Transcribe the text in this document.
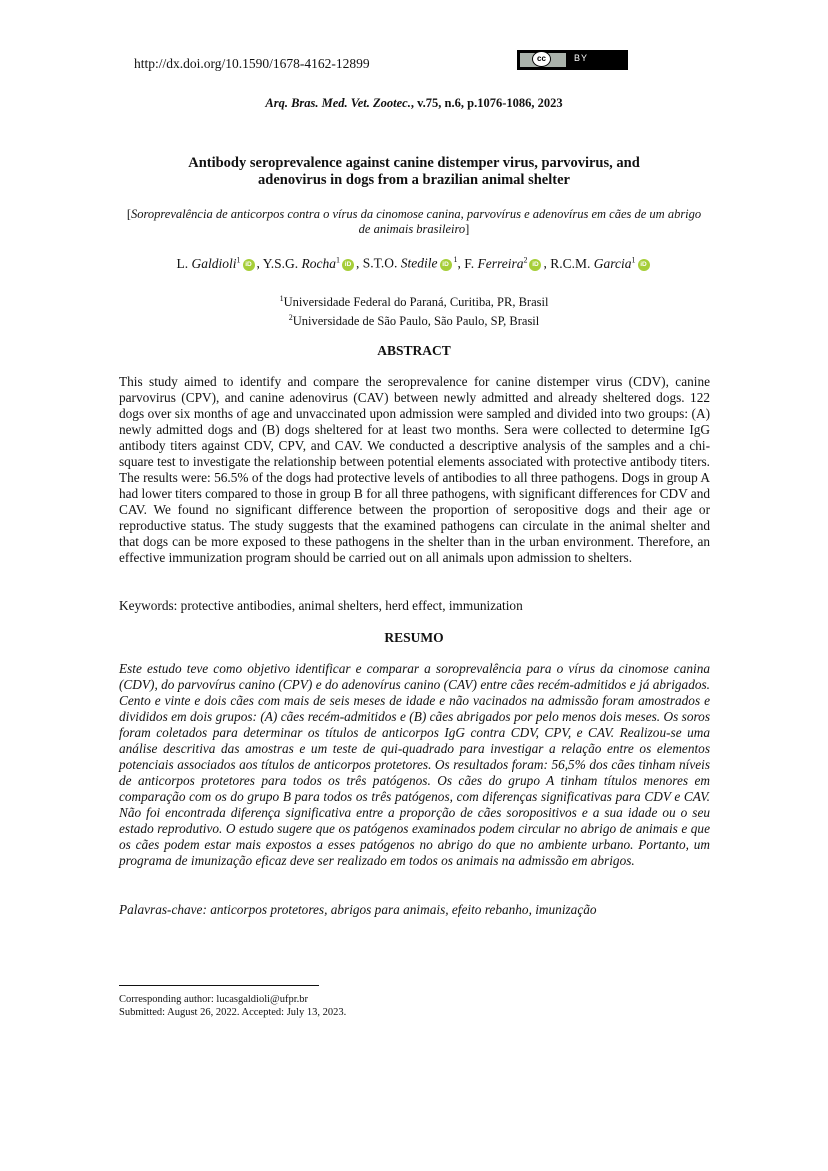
http://dx.doi.org/10.1590/1678-4162-12899	cc	BY
Arq. Bras. Med. Vet. Zootec., v.75, n.6, p.1076-1086, 2023
Antibody seroprevalence against canine distemper virus, parvovirus, and
adenovirus in dogs from a brazilian animal shelter
[Soroprevalência de anticorpos contra o vírus da cinomose canina, parvovírus e adenovírus em cães de um abrigo de animais brasileiro]
L. Galdioli$^1$ iD , Y.S.G. Rocha$^1$ iD , S.T.O. Stedile iD $^1$, F. Ferreira$^2$ iD , R.C.M. Garcia$^1$ iD
$^1$Universidade Federal do Paraná, Curitiba, PR, Brasil
$^2$Universidade de São Paulo, São Paulo, SP, Brasil
ABSTRACT
This study aimed to identify and compare the seroprevalence for canine distemper virus (CDV), canine parvovirus (CPV), and canine adenovirus (CAV) between newly admitted and already sheltered dogs. 122 dogs over six months of age and unvaccinated upon admission were sampled and divided into two groups: (A) newly admitted dogs and (B) dogs sheltered for at least two months. Sera were collected to determine IgG antibody titers against CDV, CPV, and CAV. We conducted a descriptive analysis of the samples and a chi-square test to investigate the relationship between potential elements associated with protective antibody titers. The results were: 56.5% of the dogs had protective levels of antibodies to all three pathogens. Dogs in group A had lower titers compared to those in group B for all three pathogens, with significant differences for CDV and CAV. We found no significant difference between the proportion of seropositive dogs and their age or reproductive status. The study suggests that the examined pathogens can circulate in the animal shelter and that dogs can be more exposed to these pathogens in the shelter than in the urban environment. Therefore, an effective immunization program should be carried out on all animals upon admission to shelters.
Keywords: protective antibodies, animal shelters, herd effect, immunization
RESUMO
Este estudo teve como objetivo identificar e comparar a soroprevalência para o vírus da cinomose canina (CDV), do parvovírus canino (CPV) e do adenovírus canino (CAV) entre cães recém-admitidos e já abrigados. Cento e vinte e dois cães com mais de seis meses de idade e não vacinados na admissão foram amostrados e divididos em dois grupos: (A) cães recém-admitidos e (B) cães abrigados por pelo menos dois meses. Os soros foram coletados para determinar os títulos de anticorpos IgG contra CDV, CPV, e CAV. Realizou-se uma análise descritiva das amostras e um teste de qui-quadrado para investigar a relação entre os elementos potenciais associados aos títulos de anticorpos protetores. Os resultados foram: 56,5% dos cães tinham níveis de anticorpos protetores para todos os três patógenos. Os cães do grupo A tinham títulos menores em comparação com os do grupo B para todos os três patógenos, com diferenças significativas para CDV e CAV. Não foi encontrada diferença significativa entre a proporção de cães soropositivos e a sua idade ou o seu estado reprodutivo. O estudo sugere que os patógenos examinados podem circular no abrigo de animais e que os cães podem estar mais expostos a esses patógenos no abrigo do que no ambiente urbano. Portanto, um programa de imunização eficaz deve ser realizado em todos os animais na admissão em abrigos.
Palavras-chave: anticorpos protetores, abrigos para animais, efeito rebanho, imunização
Corresponding author: lucasgaldioli@ufpr.br
Submitted: August 26, 2022. Accepted: July 13, 2023.
